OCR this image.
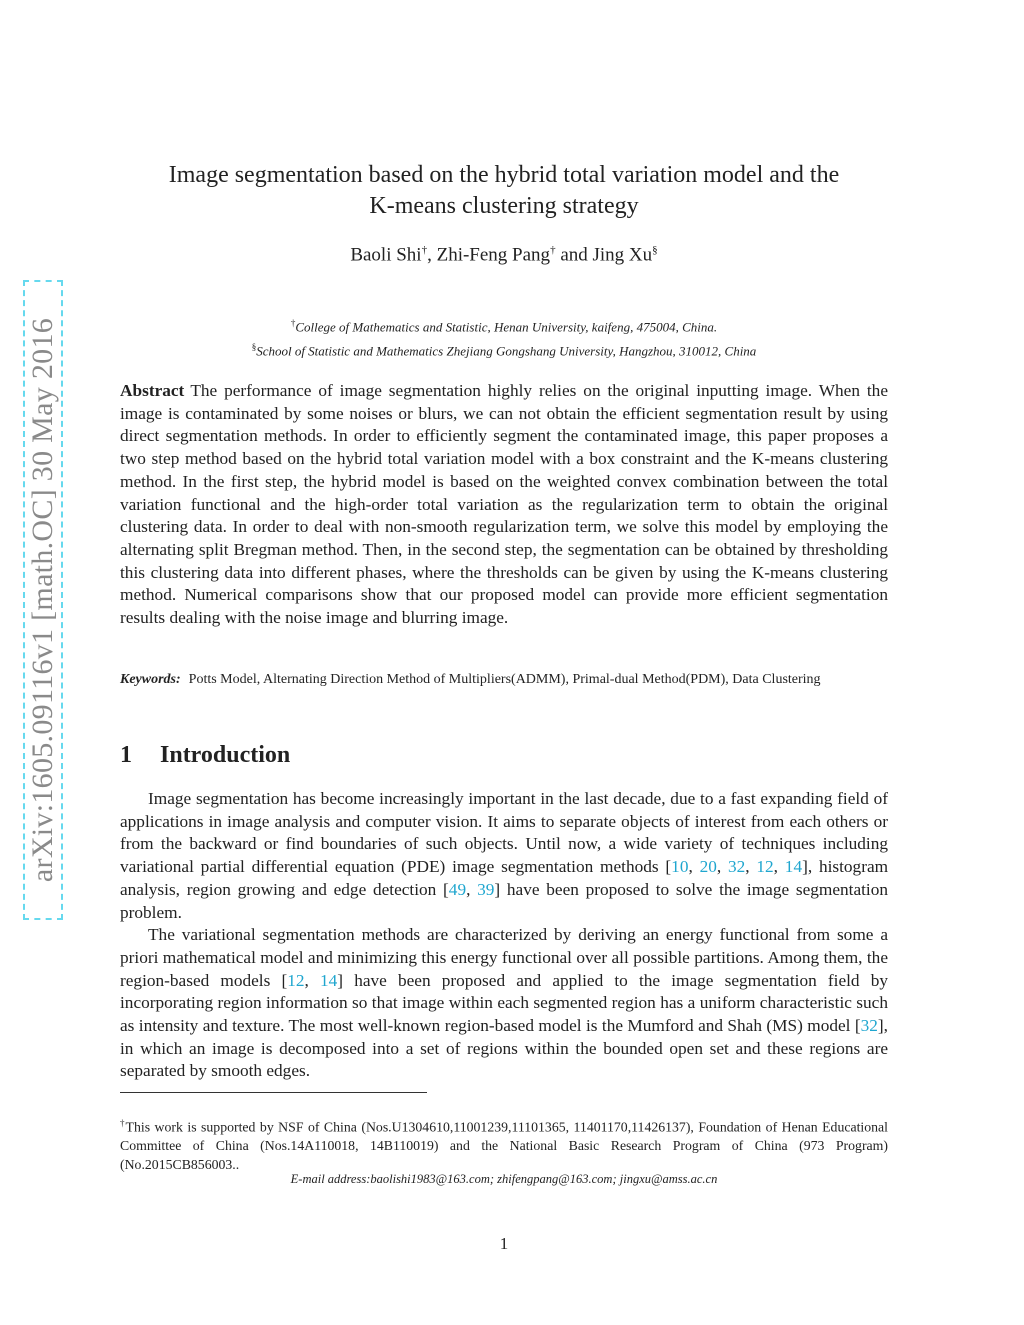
arXiv:1605.09116v1 [math.OC] 30 May 2016
Image segmentation based on the hybrid total variation model and the
K-means clustering strategy
Baoli Shi†, Zhi-Feng Pang† and Jing Xu§
†College of Mathematics and Statistic, Henan University, kaifeng, 475004, China.
§School of Statistic and Mathematics Zhejiang Gongshang University, Hangzhou, 310012, China
Abstract The performance of image segmentation highly relies on the original inputting image. When the image is contaminated by some noises or blurs, we can not obtain the efficient segmentation result by using direct segmentation methods. In order to efficiently segment the contaminated image, this paper proposes a two step method based on the hybrid total variation model with a box constraint and the K-means clustering method. In the first step, the hybrid model is based on the weighted convex combination between the total variation functional and the high-order total variation as the regularization term to obtain the original clustering data. In order to deal with non-smooth regularization term, we solve this model by employing the alternating split Bregman method. Then, in the second step, the segmentation can be obtained by thresholding this clustering data into different phases, where the thresholds can be given by using the K-means clustering method. Numerical comparisons show that our proposed model can provide more efficient segmentation results dealing with the noise image and blurring image.
Keywords: Potts Model, Alternating Direction Method of Multipliers(ADMM), Primal-dual Method(PDM), Data Clustering
1 Introduction

Image segmentation has become increasingly important in the last decade, due to a fast expanding field of applications in image analysis and computer vision. It aims to separate objects of interest from each others or from the backward or find boundaries of such objects. Until now, a wide variety of techniques including variational partial differential equation (PDE) image segmentation methods [10, 20, 32, 12, 14], histogram analysis, region growing and edge detection [49, 39] have been proposed to solve the image segmentation problem.

The variational segmentation methods are characterized by deriving an energy functional from some a priori mathematical model and minimizing this energy functional over all possible partitions. Among them, the region-based models [12, 14] have been proposed and applied to the image segmentation field by incorporating region information so that image within each segmented region has a uniform characteristic such as intensity and texture. The most well-known region-based model is the Mumford and Shah (MS) model [32], in which an image is decomposed into a set of regions within the bounded open set and these regions are separated by smooth edges.

†This work is supported by NSF of China (Nos.U1304610,11001239,11101365, 11401170,11426137), Foundation of Henan Educational Committee of China (Nos.14A110018, 14B110019) and the National Basic Research Program of China (973 Program)(No.2015CB856003..
E-mail address:baolishi1983@163.com; zhifengpang@163.com; jingxu@amss.ac.cn
1
